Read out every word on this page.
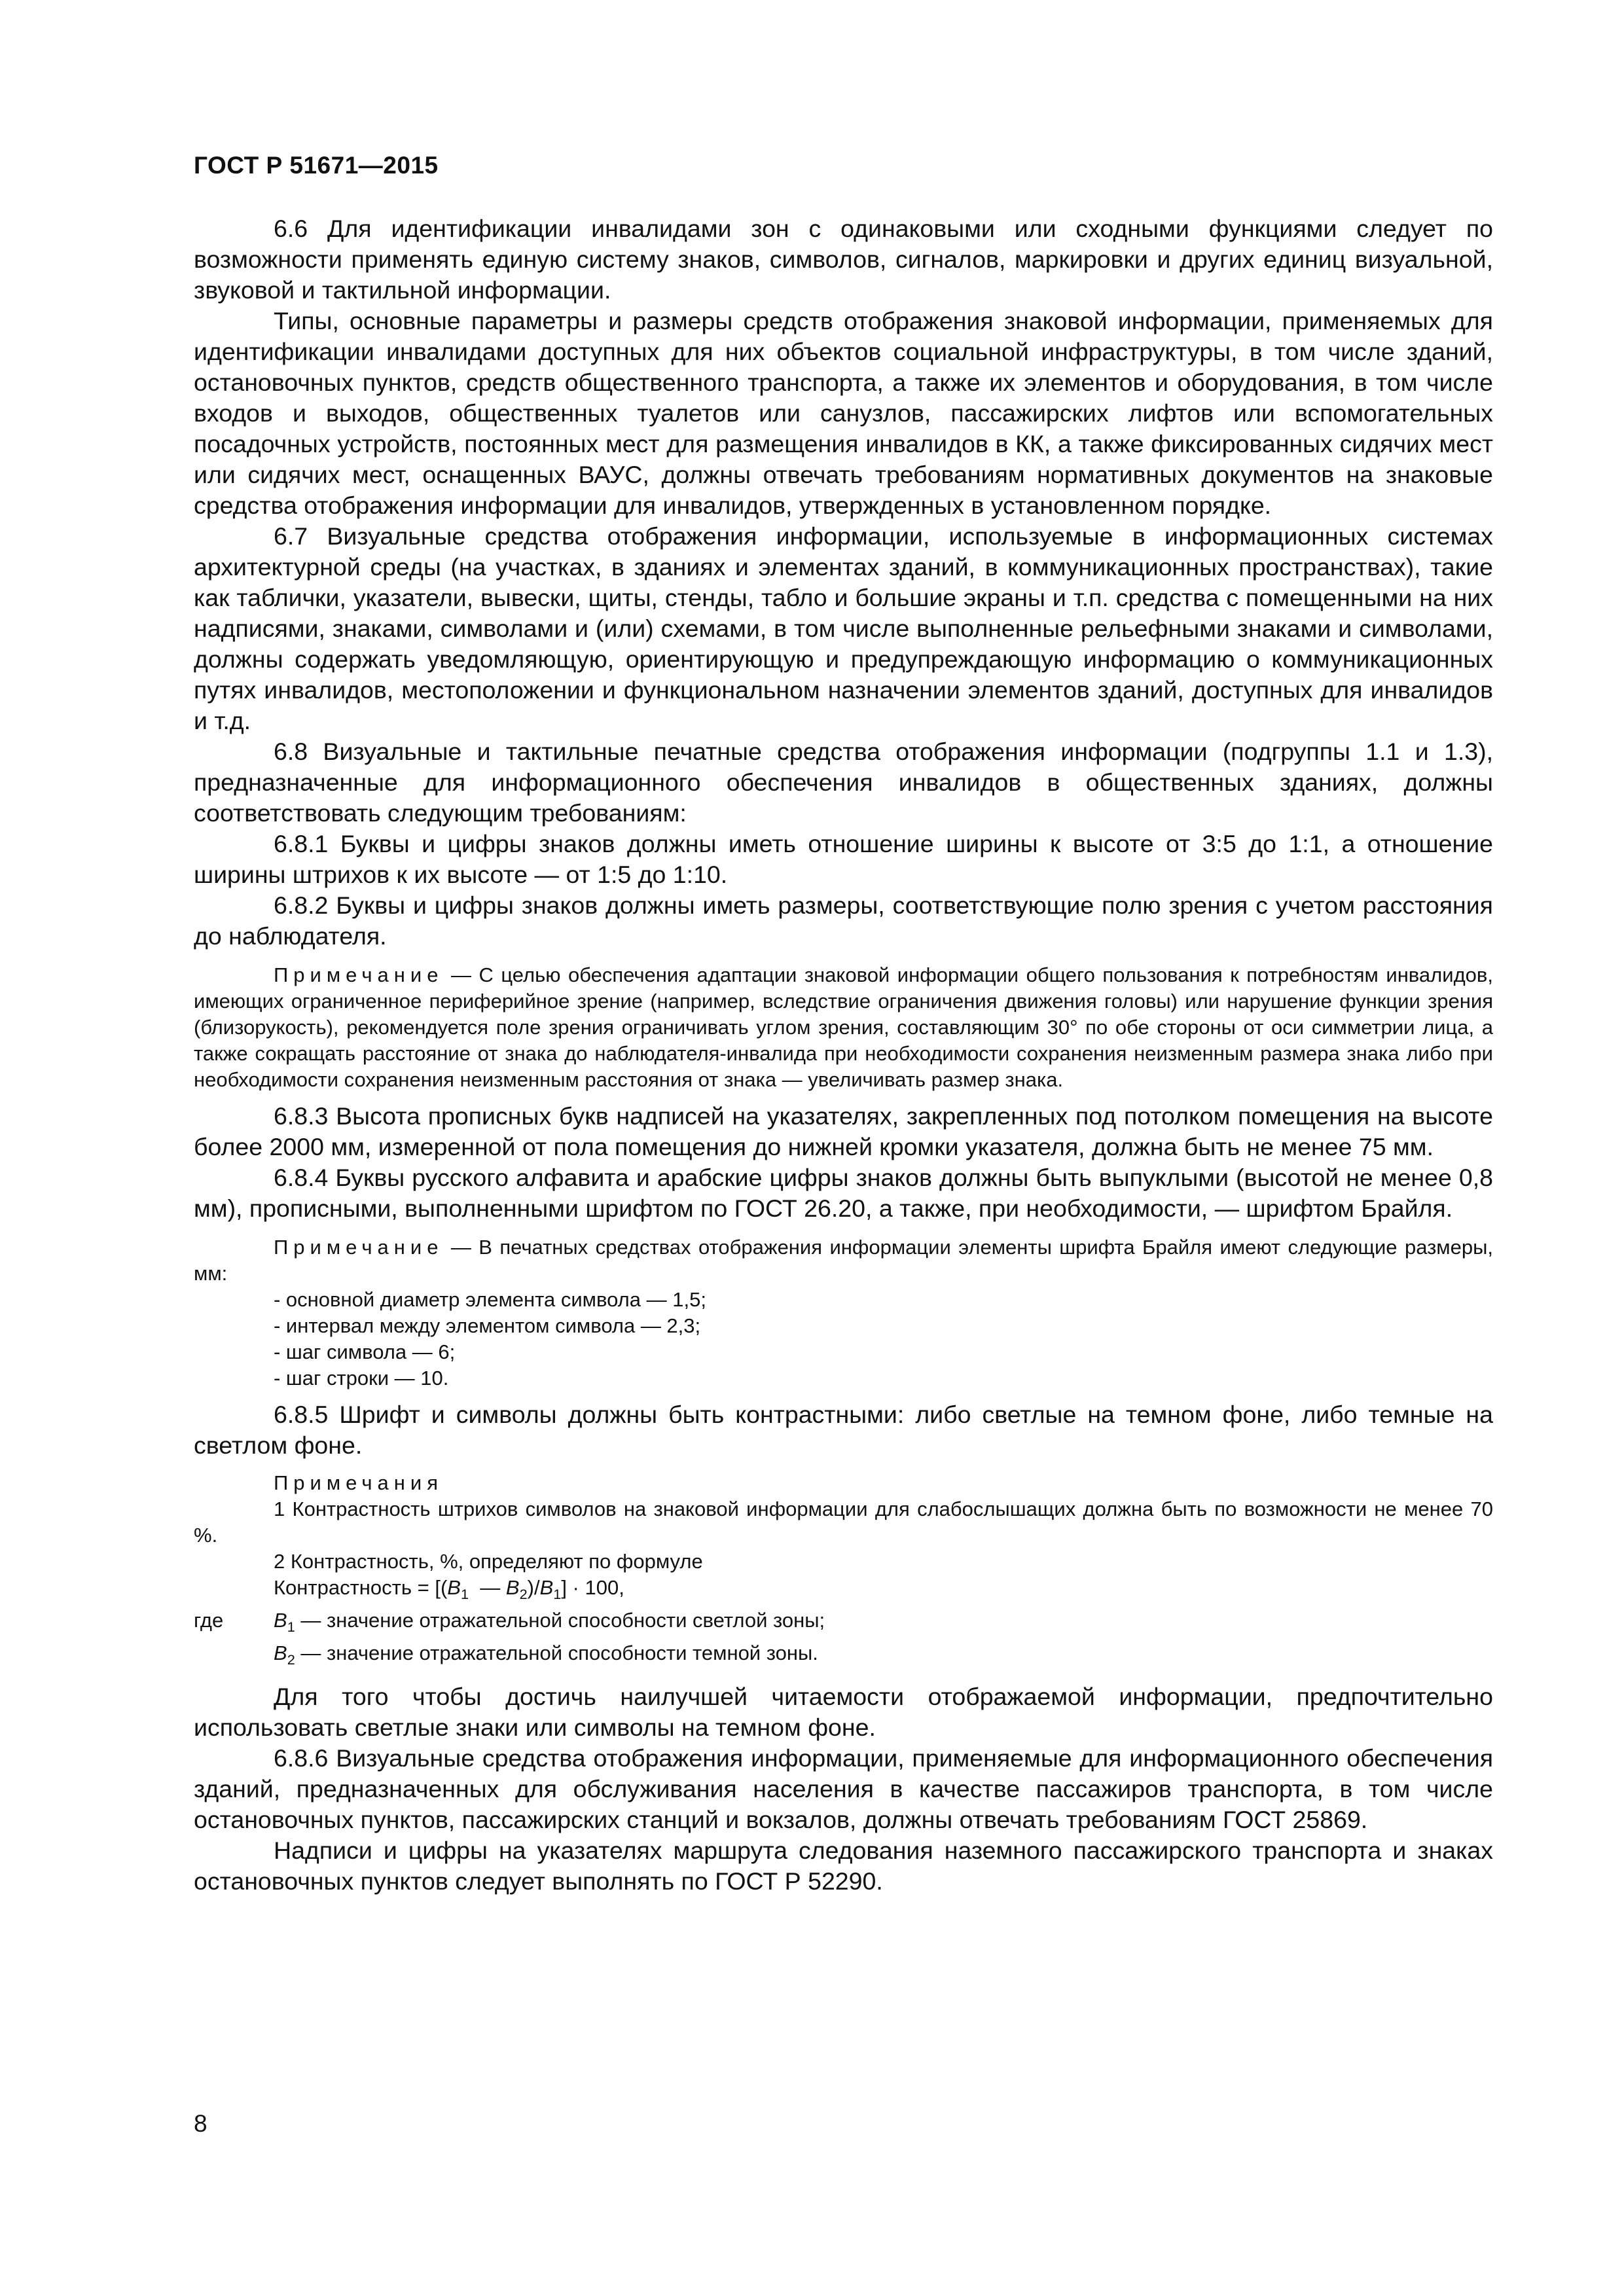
ГОСТ Р 51671—2015

6.6 Для идентификации инвалидами зон с одинаковыми или сходными функциями следует по возможности применять единую систему знаков, символов, сигналов, маркировки и других единиц визуальной, звуковой и тактильной информации.

Типы, основные параметры и размеры средств отображения знаковой информации, применяемых для идентификации инвалидами доступных для них объектов социальной инфраструктуры, в том числе зданий, остановочных пунктов, средств общественного транспорта, а также их элементов и оборудования, в том числе входов и выходов, общественных туалетов или санузлов, пассажирских лифтов или вспомогательных посадочных устройств, постоянных мест для размещения инвалидов в КК, а также фиксированных сидячих мест или сидячих мест, оснащенных ВАУС, должны отвечать требованиям нормативных документов на знаковые средства отображения информации для инвалидов, утвержденных в установленном порядке.

6.7 Визуальные средства отображения информации, используемые в информационных системах архитектурной среды (на участках, в зданиях и элементах зданий, в коммуникационных пространствах), такие как таблички, указатели, вывески, щиты, стенды, табло и большие экраны и т.п. средства с помещенными на них надписями, знаками, символами и (или) схемами, в том числе выполненные рельефными знаками и символами, должны содержать уведомляющую, ориентирующую и предупреждающую информацию о коммуникационных путях инвалидов, местоположении и функциональном назначении элементов зданий, доступных для инвалидов и т.д.

6.8 Визуальные и тактильные печатные средства отображения информации (подгруппы 1.1 и 1.3), предназначенные для информационного обеспечения инвалидов в общественных зданиях, должны соответствовать следующим требованиям:

6.8.1 Буквы и цифры знаков должны иметь отношение ширины к высоте от 3:5 до 1:1, а отношение ширины штрихов к их высоте — от 1:5 до 1:10.

6.8.2 Буквы и цифры знаков должны иметь размеры, соответствующие полю зрения с учетом расстояния до наблюдателя.

Примечание — С целью обеспечения адаптации знаковой информации общего пользования к потребностям инвалидов, имеющих ограниченное периферийное зрение (например, вследствие ограничения движения головы) или нарушение функции зрения (близорукость), рекомендуется поле зрения ограничивать углом зрения, составляющим 30° по обе стороны от оси симметрии лица, а также сокращать расстояние от знака до наблюдателя-инвалида при необходимости сохранения неизменным размера знака либо при необходимости сохранения неизменным расстояния от знака — увеличивать размер знака.

6.8.3 Высота прописных букв надписей на указателях, закрепленных под потолком помещения на высоте более 2000 мм, измеренной от пола помещения до нижней кромки указателя, должна быть не менее 75 мм.

6.8.4 Буквы русского алфавита и арабские цифры знаков должны быть выпуклыми (высотой не менее 0,8 мм), прописными, выполненными шрифтом по ГОСТ 26.20, а также, при необходимости, — шрифтом Брайля.

Примечание — В печатных средствах отображения информации элементы шрифта Брайля имеют следующие размеры, мм:

- основной диаметр элемента символа — 1,5;

- интервал между элементом символа — 2,3;

- шаг символа — 6;

- шаг строки — 10.

6.8.5 Шрифт и символы должны быть контрастными: либо светлые на темном фоне, либо темные на светлом фоне.

Примечания

1 Контрастность штрихов символов на знаковой информации для слабослышащих должна быть по возможности не менее 70 %.

2 Контрастность, %, определяют по формуле

Контрастность = [($B_1$  — $B_2)/B_1] \cdot 100$,
где $B_1$ — значение отражательной способности светлой зоны;
$B_2$ — значение отражательной способности темной зоны.

Для того чтобы достичь наилучшей читаемости отображаемой информации, предпочтительно использовать светлые знаки или символы на темном фоне.

6.8.6 Визуальные средства отображения информации, применяемые для информационного обеспечения зданий, предназначенных для обслуживания населения в качестве пассажиров транспорта, в том числе остановочных пунктов, пассажирских станций и вокзалов, должны отвечать требованиям ГОСТ 25869.

Надписи и цифры на указателях маршрута следования наземного пассажирского транспорта и знаках остановочных пунктов следует выполнять по ГОСТ Р 52290.

8
